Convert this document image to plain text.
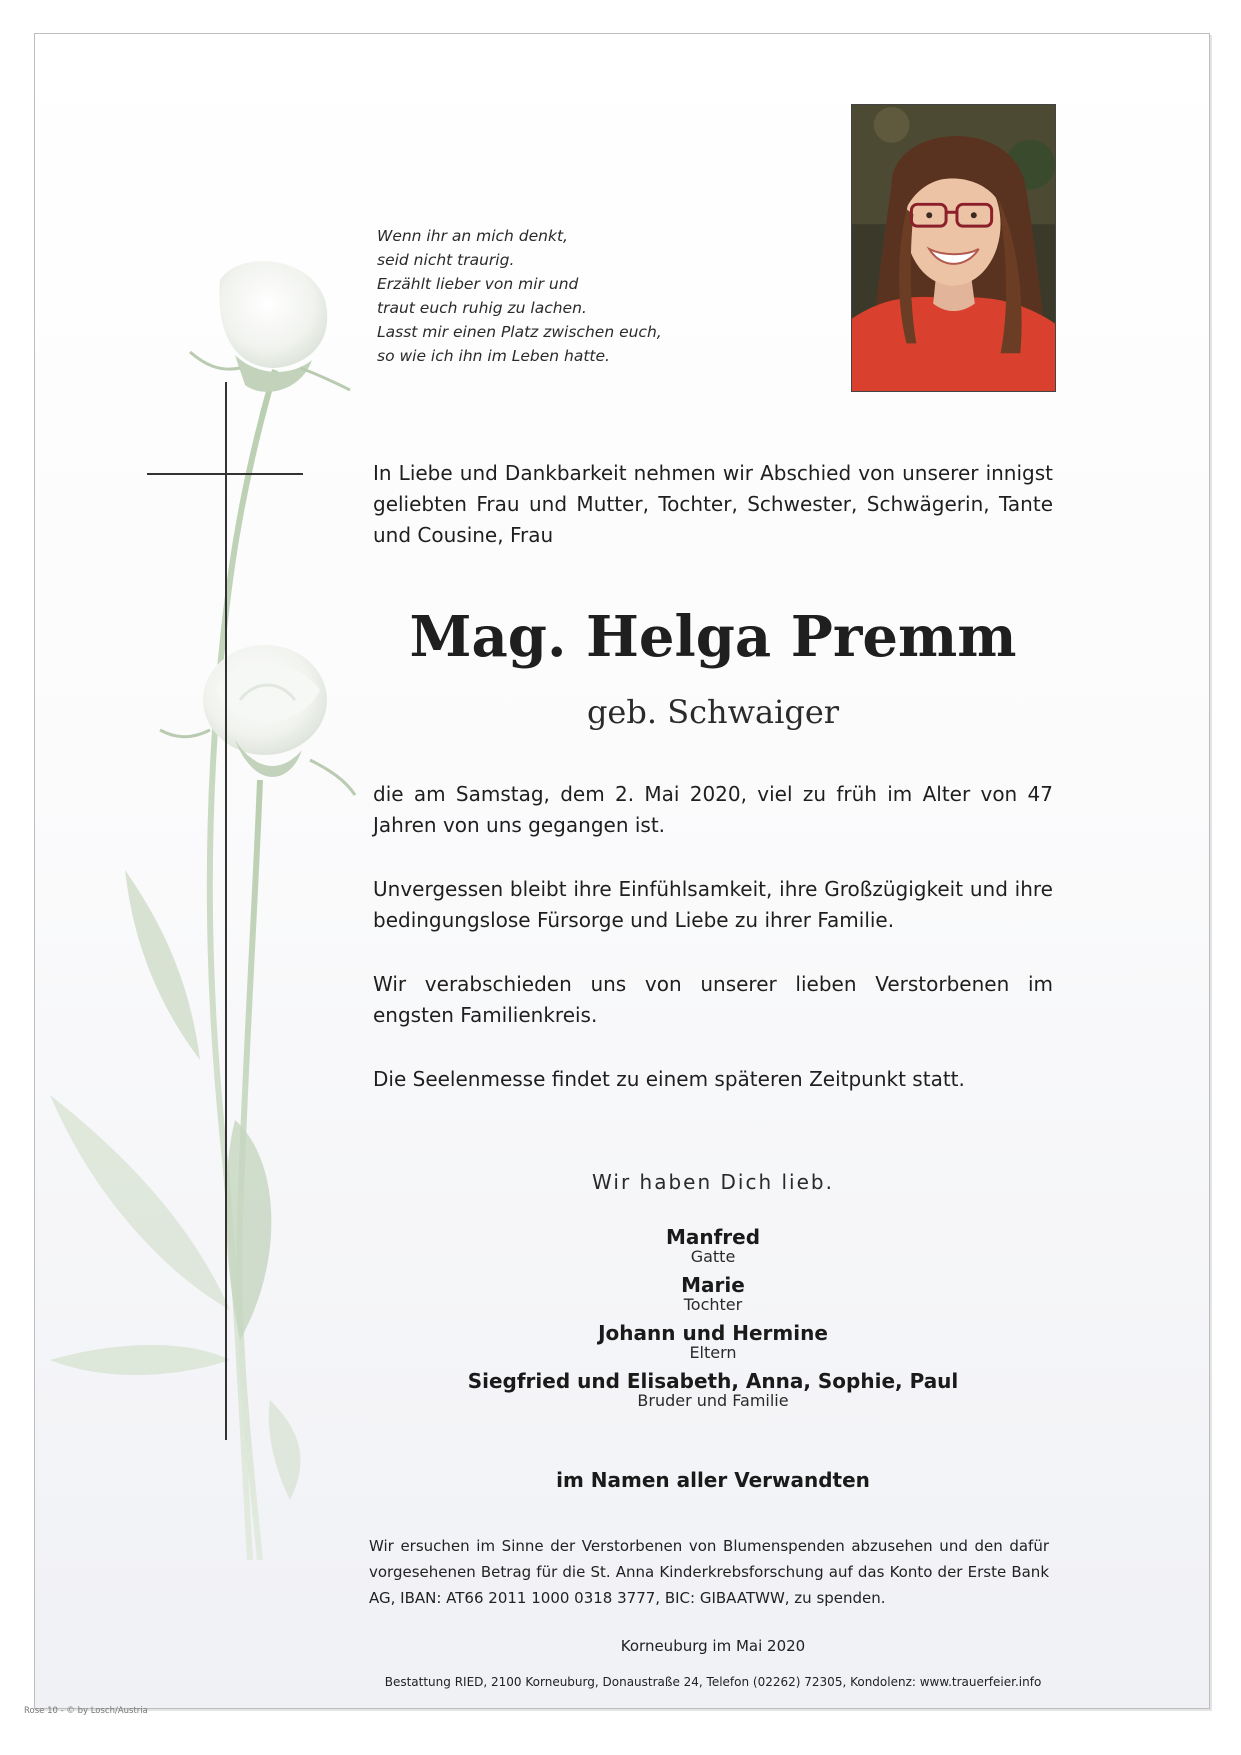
Wenn ihr an mich denkt,
seid nicht traurig.
Erzählt lieber von mir und
traut euch ruhig zu lachen.
Lasst mir einen Platz zwischen euch,
so wie ich ihn im Leben hatte.

In Liebe und Dankbarkeit nehmen wir Abschied von unserer innigst geliebten Frau und Mutter, Tochter, Schwester, Schwägerin, Tante und Cousine, Frau

Mag. Helga Premm
geb. Schwaiger

die am Samstag, dem 2. Mai 2020, viel zu früh im Alter von 47 Jahren von uns gegangen ist.

Unvergessen bleibt ihre Einfühlsamkeit, ihre Großzügigkeit und ihre bedingungslose Fürsorge und Liebe zu ihrer Familie.

Wir verabschieden uns von unserer lieben Verstorbenen im engsten Familienkreis.

Die Seelenmesse findet zu einem späteren Zeitpunkt statt.

Wir haben Dich lieb.
Manfred
Gatte
Marie
Tochter
Johann und Hermine
Eltern
Siegfried und Elisabeth, Anna, Sophie, Paul
Bruder und Familie
im Namen aller Verwandten

Wir ersuchen im Sinne der Verstorbenen von Blumenspenden abzusehen und den dafür vorgesehenen Betrag für die St. Anna Kinderkrebsforschung auf das Konto der Erste Bank AG, IBAN: AT66 2011 1000 0318 3777, BIC: GIBAATWW, zu spenden.

Korneuburg im Mai 2020
Bestattung RIED, 2100 Korneuburg, Donaustraße 24, Telefon (02262) 72305, Kondolenz: www.trauerfeier.info
Rose 10 - © by Losch/Austria
